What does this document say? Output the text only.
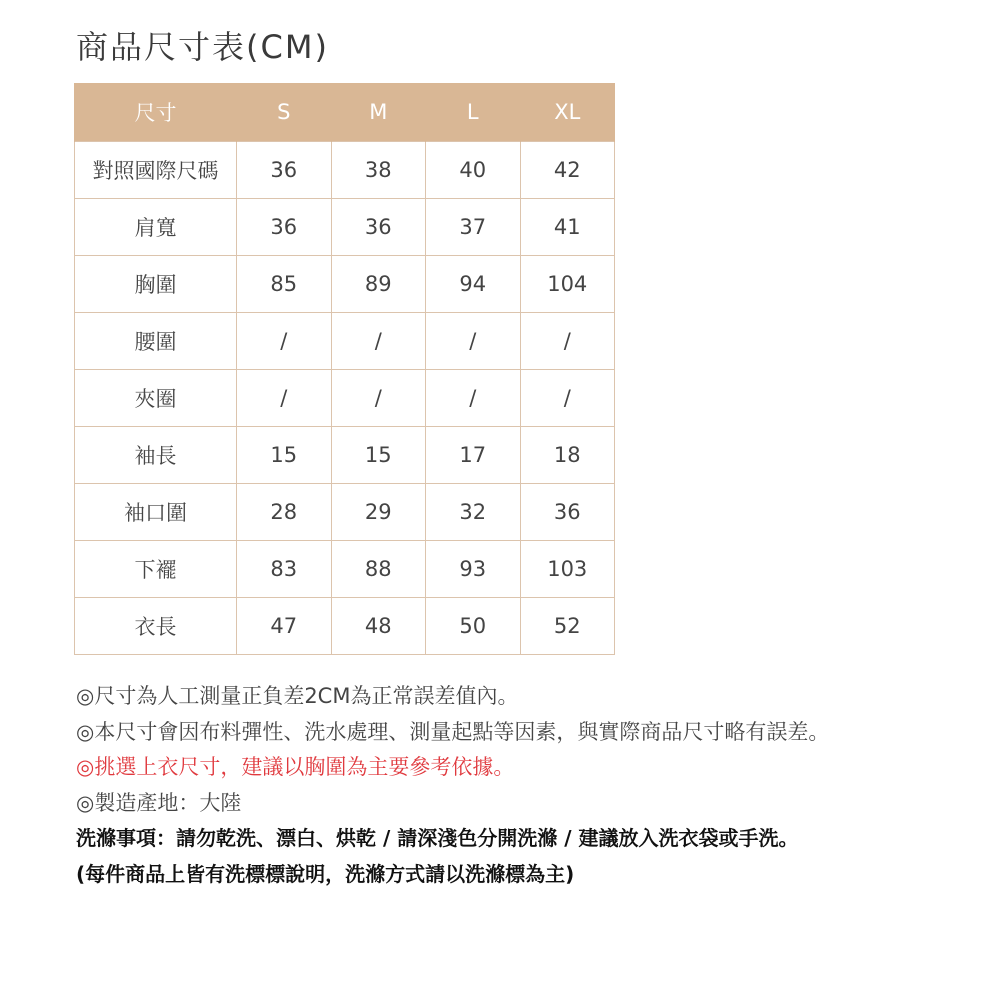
商品尺寸表(CM)
尺寸	S	M	L	XL
對照國際尺碼	36	38	40	42
肩寬	36	36	37	41
胸圍	85	89	94	104
腰圍	/	/	/	/
夾圈	/	/	/	/
袖長	15	15	17	18
袖口圍	28	29	32	36
下襬	83	88	93	103
衣長	47	48	50	52
◎尺寸為人工測量正負差2CM為正常誤差值內。
◎本尺寸會因布料彈性、洗水處理、測量起點等因素，與實際商品尺寸略有誤差。
◎挑選上衣尺寸，建議以胸圍為主要參考依據。
◎製造產地：大陸
洗滌事項：請勿乾洗、漂白、烘乾 / 請深淺色分開洗滌 / 建議放入洗衣袋或手洗。
(每件商品上皆有洗標標說明，洗滌方式請以洗滌標為主)
